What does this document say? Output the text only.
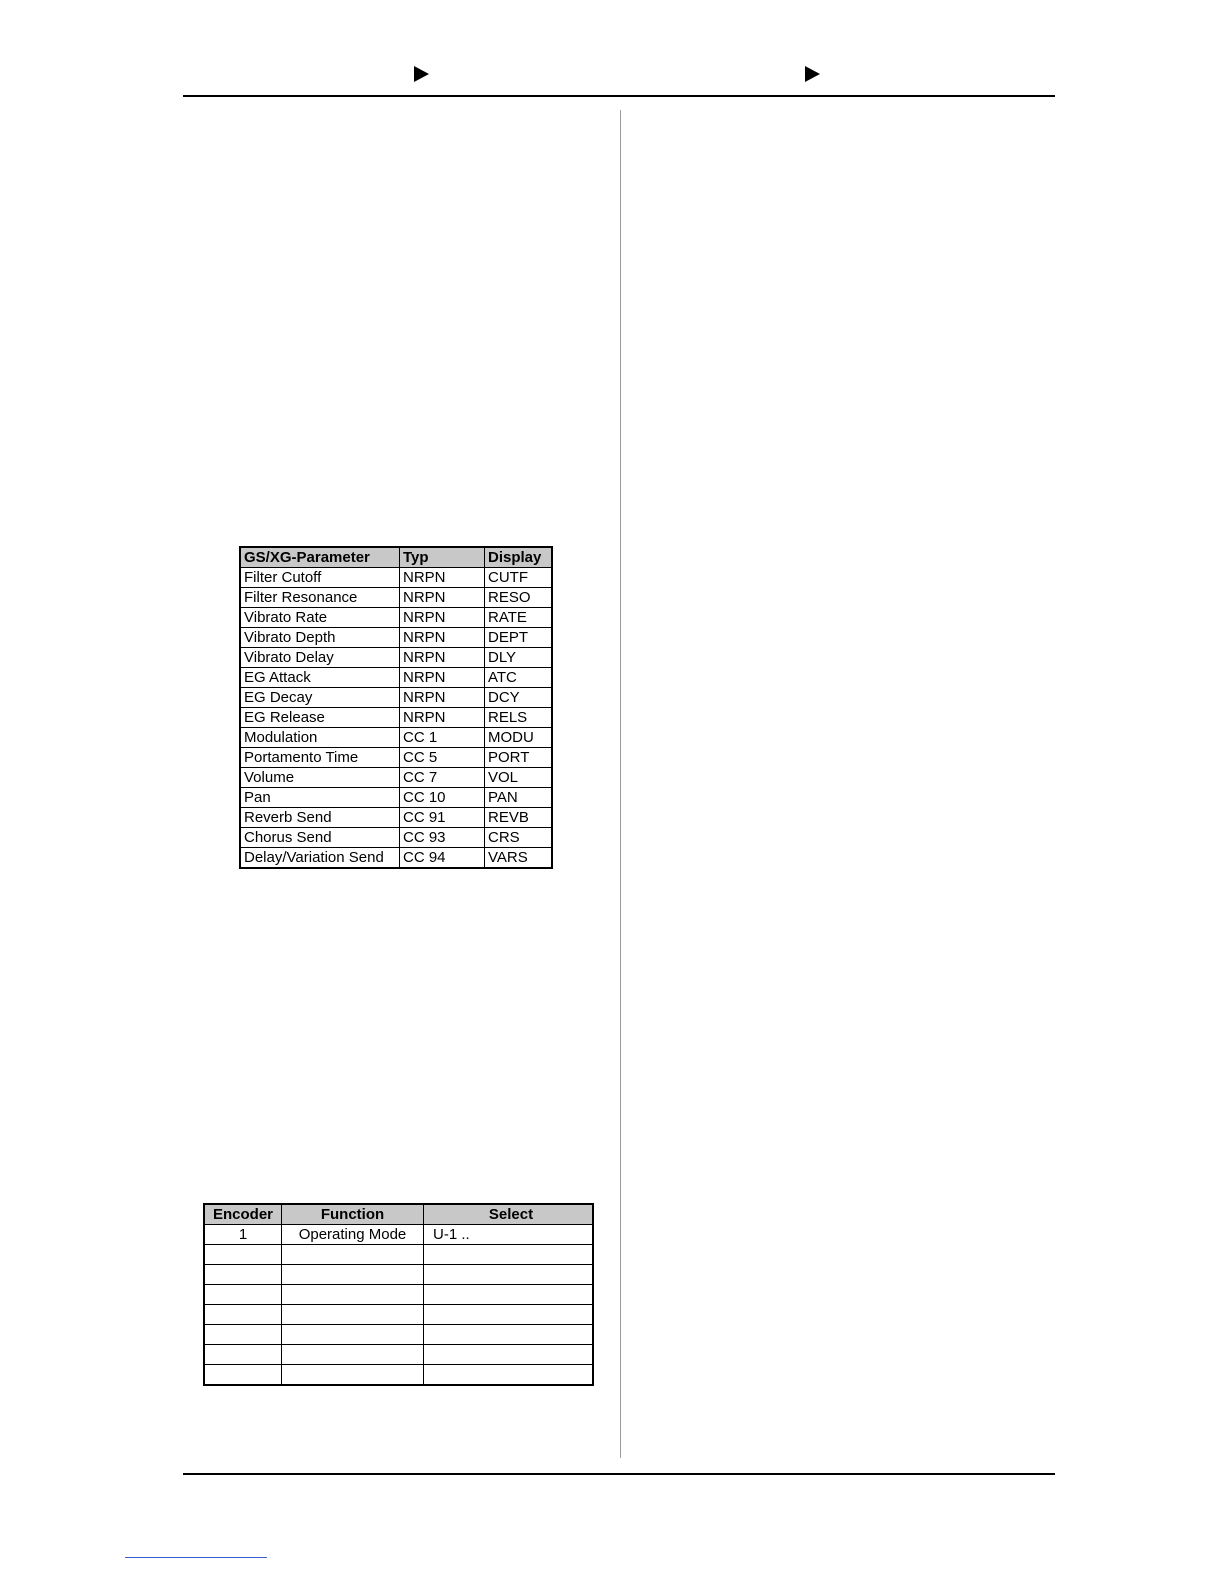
GS/XG-Parameter	Typ	Display
Filter Cutoff	NRPN	CUTF
Filter Resonance	NRPN	RESO
Vibrato Rate	NRPN	RATE
Vibrato Depth	NRPN	DEPT
Vibrato Delay	NRPN	DLY
EG Attack	NRPN	ATC
EG Decay	NRPN	DCY
EG Release	NRPN	RELS
Modulation	CC 1	MODU
Portamento Time	CC 5	PORT
Volume	CC 7	VOL
Pan	CC 10	PAN
Reverb Send	CC 91	REVB
Chorus Send	CC 93	CRS
Delay/Variation Send	CC 94	VARS
Encoder	Function	Select
1	Operating Mode	U-1 ..
